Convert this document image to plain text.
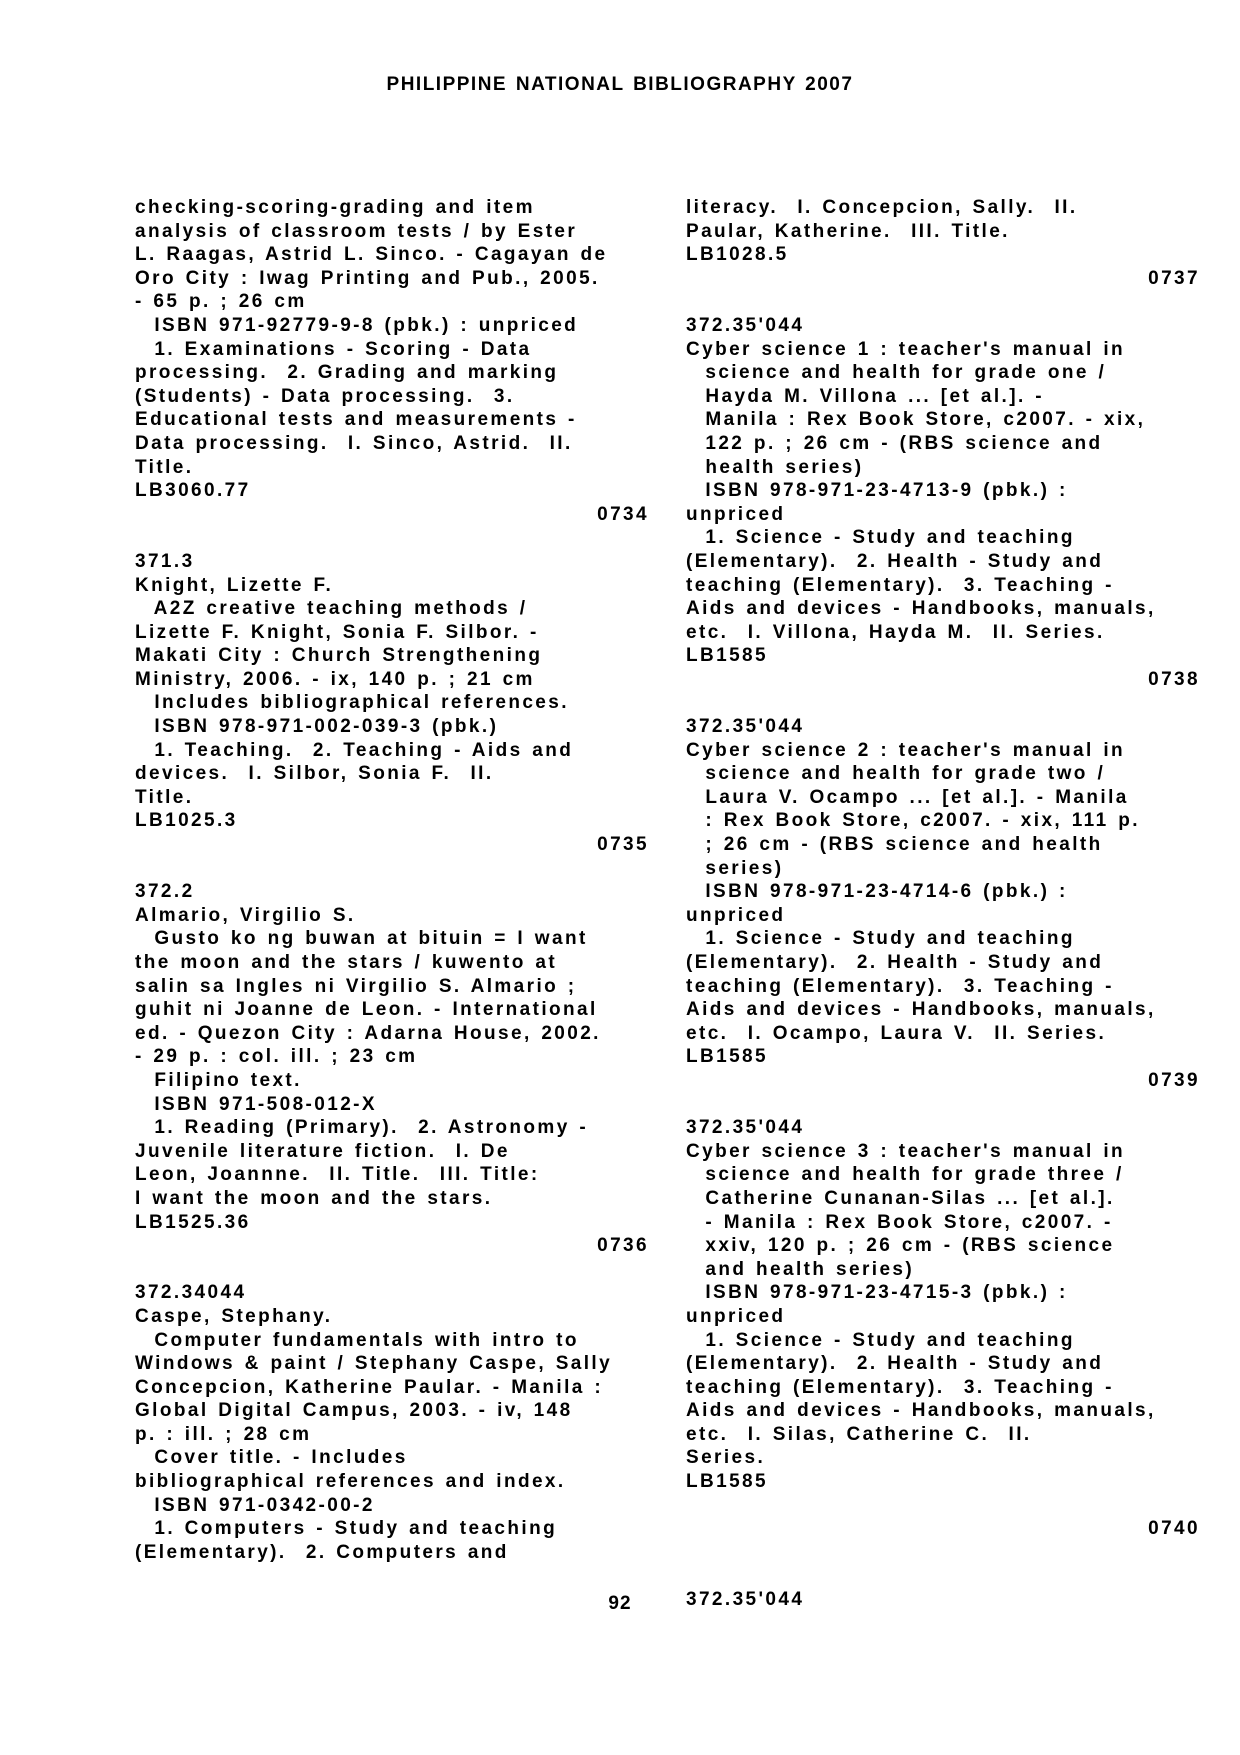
PHILIPPINE NATIONAL BIBLIOGRAPHY 2007
checking-scoring-grading and item
analysis of classroom tests / by Ester
L. Raagas, Astrid L. Sinco. - Cagayan de
Oro City : Iwag Printing and Pub., 2005.
- 65 p. ; 26 cm
ISBN 971-92779-9-8 (pbk.) : unpriced
1. Examinations - Scoring - Data
processing.  2. Grading and marking
(Students) - Data processing.  3.
Educational tests and measurements -
Data processing.  I. Sinco, Astrid.  II.
Title.
LB3060.77
0734
371.3
Knight, Lizette F.
A2Z creative teaching methods /
Lizette F. Knight, Sonia F. Silbor. -
Makati City : Church Strengthening
Ministry, 2006. - ix, 140 p. ; 21 cm
Includes bibliographical references.
ISBN 978-971-002-039-3 (pbk.)
1. Teaching.  2. Teaching - Aids and
devices.  I. Silbor, Sonia F.  II.
Title.
LB1025.3
0735
372.2
Almario, Virgilio S.
Gusto ko ng buwan at bituin = I want
the moon and the stars / kuwento at
salin sa Ingles ni Virgilio S. Almario ;
guhit ni Joanne de Leon. - International
ed. - Quezon City : Adarna House, 2002.
- 29 p. : col. ill. ; 23 cm
Filipino text.
ISBN 971-508-012-X
1. Reading (Primary).  2. Astronomy -
Juvenile literature fiction.  I. De
Leon, Joannne.  II. Title.  III. Title:
I want the moon and the stars.
LB1525.36
0736
372.34044
Caspe, Stephany.
Computer fundamentals with intro to
Windows & paint / Stephany Caspe, Sally
Concepcion, Katherine Paular. - Manila :
Global Digital Campus, 2003. - iv, 148
p. : ill. ; 28 cm
Cover title. - Includes
bibliographical references and index.
ISBN 971-0342-00-2
1. Computers - Study and teaching
(Elementary).  2. Computers and
literacy.  I. Concepcion, Sally.  II.
Paular, Katherine.  III. Title.
LB1028.5
0737
372.35'044
Cyber science 1 : teacher's manual in
science and health for grade one /
Hayda M. Villona ... [et al.]. -
Manila : Rex Book Store, c2007. - xix,
122 p. ; 26 cm - (RBS science and
health series)
ISBN 978-971-23-4713-9 (pbk.) :
unpriced
1. Science - Study and teaching
(Elementary).  2. Health - Study and
teaching (Elementary).  3. Teaching -
Aids and devices - Handbooks, manuals,
etc.  I. Villona, Hayda M.  II. Series.
LB1585
0738
372.35'044
Cyber science 2 : teacher's manual in
science and health for grade two /
Laura V. Ocampo ... [et al.]. - Manila
: Rex Book Store, c2007. - xix, 111 p.
; 26 cm - (RBS science and health
series)
ISBN 978-971-23-4714-6 (pbk.) :
unpriced
1. Science - Study and teaching
(Elementary).  2. Health - Study and
teaching (Elementary).  3. Teaching -
Aids and devices - Handbooks, manuals,
etc.  I. Ocampo, Laura V.  II. Series.
LB1585
0739
372.35'044
Cyber science 3 : teacher's manual in
science and health for grade three /
Catherine Cunanan-Silas ... [et al.].
- Manila : Rex Book Store, c2007. -
xxiv, 120 p. ; 26 cm - (RBS science
and health series)
ISBN 978-971-23-4715-3 (pbk.) :
unpriced
1. Science - Study and teaching
(Elementary).  2. Health - Study and
teaching (Elementary).  3. Teaching -
Aids and devices - Handbooks, manuals,
etc.  I. Silas, Catherine C.  II.
Series.
LB1585
0740
372.35'044
92
